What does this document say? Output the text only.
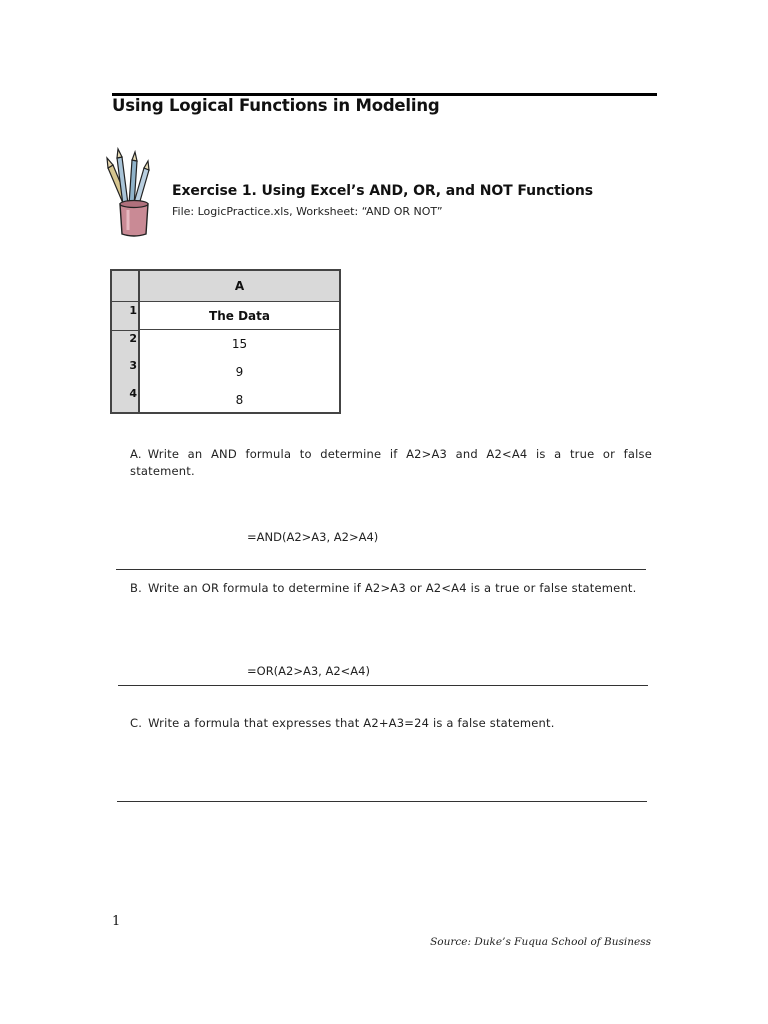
Using Logical Functions in Modeling
Exercise 1. Using Excel’s AND, OR, and NOT Functions
File: LogicPractice.xls, Worksheet: “AND OR NOT”
A
1
2
3
4
The Data
15
9
8
A. Write an AND formula to determine if A2>A3 and A2<A4 is a true or false statement.
=AND(A2>A3, A2>A4)
B. Write an OR formula to determine if A2>A3 or A2<A4 is a true or false statement.
=OR(A2>A3, A2<A4)
C. Write a formula that expresses that A2+A3=24 is a false statement.
1
Source: Duke’s Fuqua School of Business
